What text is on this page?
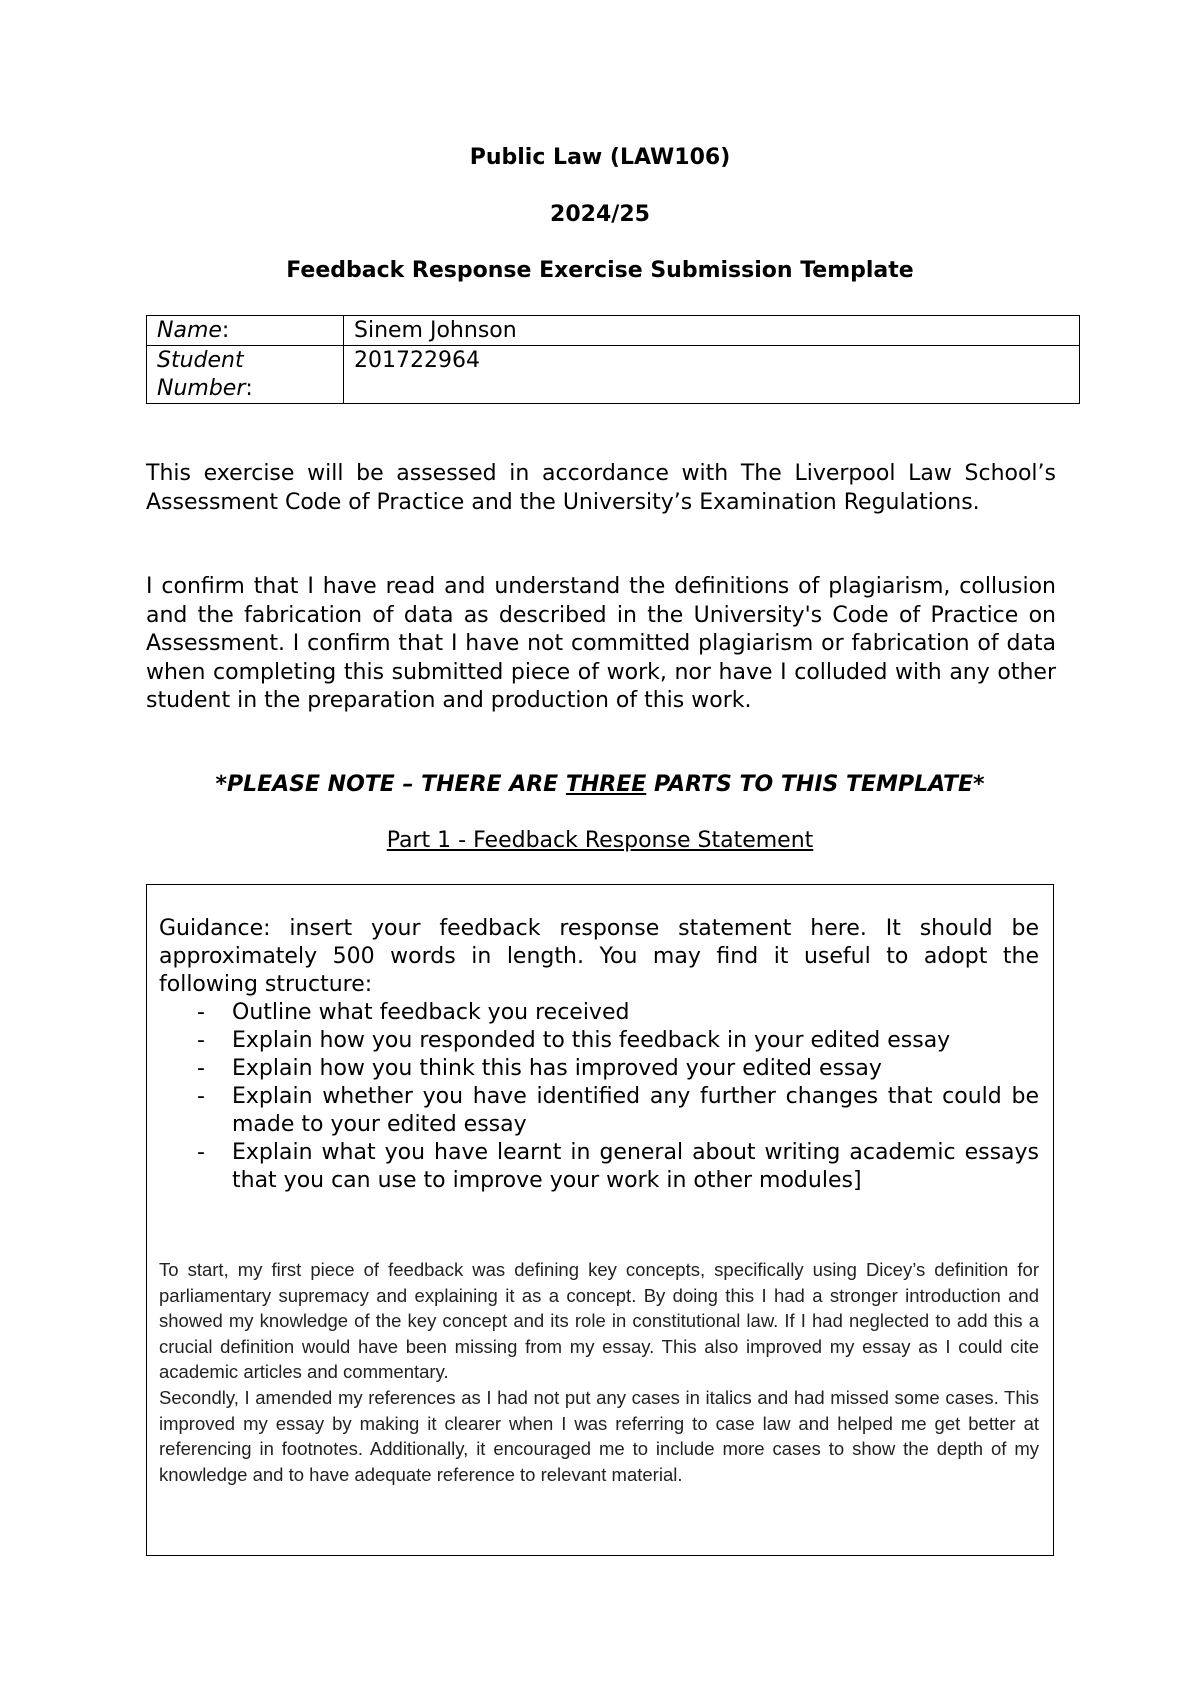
Public Law (LAW106)
2024/25
Feedback Response Exercise Submission Template
Name:	Sinem Johnson
Student Number:	201722964

This exercise will be assessed in accordance with The Liverpool Law School’s Assessment Code of Practice and the University’s Examination Regulations.

I confirm that I have read and understand the definitions of plagiarism, collusion and the fabrication of data as described in the University's Code of Practice on Assessment. I confirm that I have not committed plagiarism or fabrication of data when completing this submitted piece of work, nor have I colluded with any other student in the preparation and production of this work.

*PLEASE NOTE – THERE ARE THREE PARTS TO THIS TEMPLATE*
Part 1 - Feedback Response Statement
Guidance: insert your feedback response statement here. It should be approximately 500 words in length. You may find it useful to adopt the following structure:
- Outline what feedback you received
- Explain how you responded to this feedback in your edited essay
- Explain how you think this has improved your edited essay
- Explain whether you have identified any further changes that could be made to your edited essay
- Explain what you have learnt in general about writing academic essays that you can use to improve your work in other modules]

To start, my first piece of feedback was defining key concepts, specifically using Dicey’s definition for parliamentary supremacy and explaining it as a concept. By doing this I had a stronger introduction and showed my knowledge of the key concept and its role in constitutional law. If I had neglected to add this a crucial definition would have been missing from my essay. This also improved my essay as I could cite academic articles and commentary.

Secondly, I amended my references as I had not put any cases in italics and had missed some cases. This improved my essay by making it clearer when I was referring to case law and helped me get better at referencing in footnotes. Additionally, it encouraged me to include more cases to show the depth of my knowledge and to have adequate reference to relevant material.
